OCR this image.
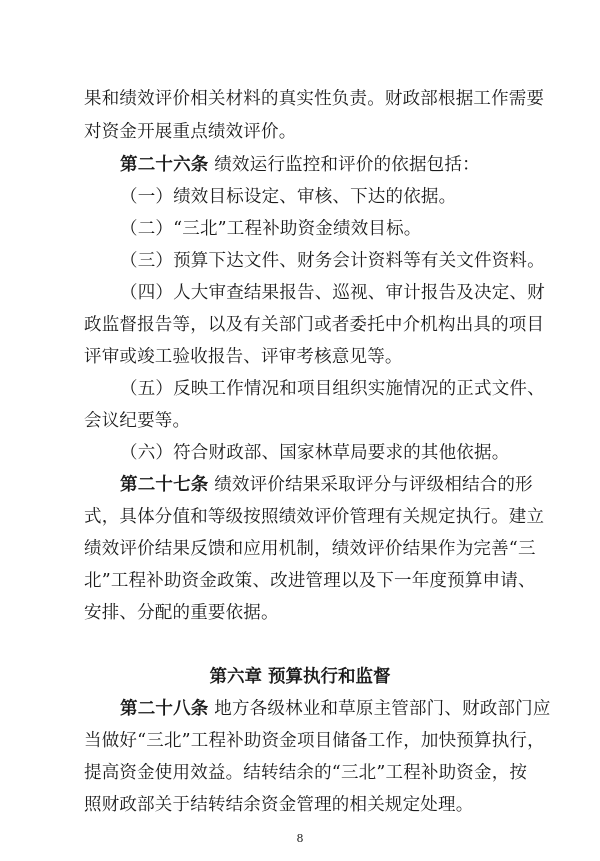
果和绩效评价相关材料的真实性负责。财政部根据工作需要
对资金开展重点绩效评价。
第二十六条 绩效运行监控和评价的依据包括：
（一）绩效目标设定、审核、下达的依据。
（二）“三北”工程补助资金绩效目标。
（三）预算下达文件、财务会计资料等有关文件资料。
（四）人大审查结果报告、巡视、审计报告及决定、财
政监督报告等，以及有关部门或者委托中介机构出具的项目
评审或竣工验收报告、评审考核意见等。
（五）反映工作情况和项目组织实施情况的正式文件、
会议纪要等。
（六）符合财政部、国家林草局要求的其他依据。
第二十七条 绩效评价结果采取评分与评级相结合的形
式，具体分值和等级按照绩效评价管理有关规定执行。建立
绩效评价结果反馈和应用机制，绩效评价结果作为完善“三
北”工程补助资金政策、改进管理以及下一年度预算申请、
安排、分配的重要依据。
第六章 预算执行和监督
第二十八条 地方各级林业和草原主管部门、财政部门应
当做好“三北”工程补助资金项目储备工作，加快预算执行，
提高资金使用效益。结转结余的“三北”工程补助资金，按
照财政部关于结转结余资金管理的相关规定处理。
8
